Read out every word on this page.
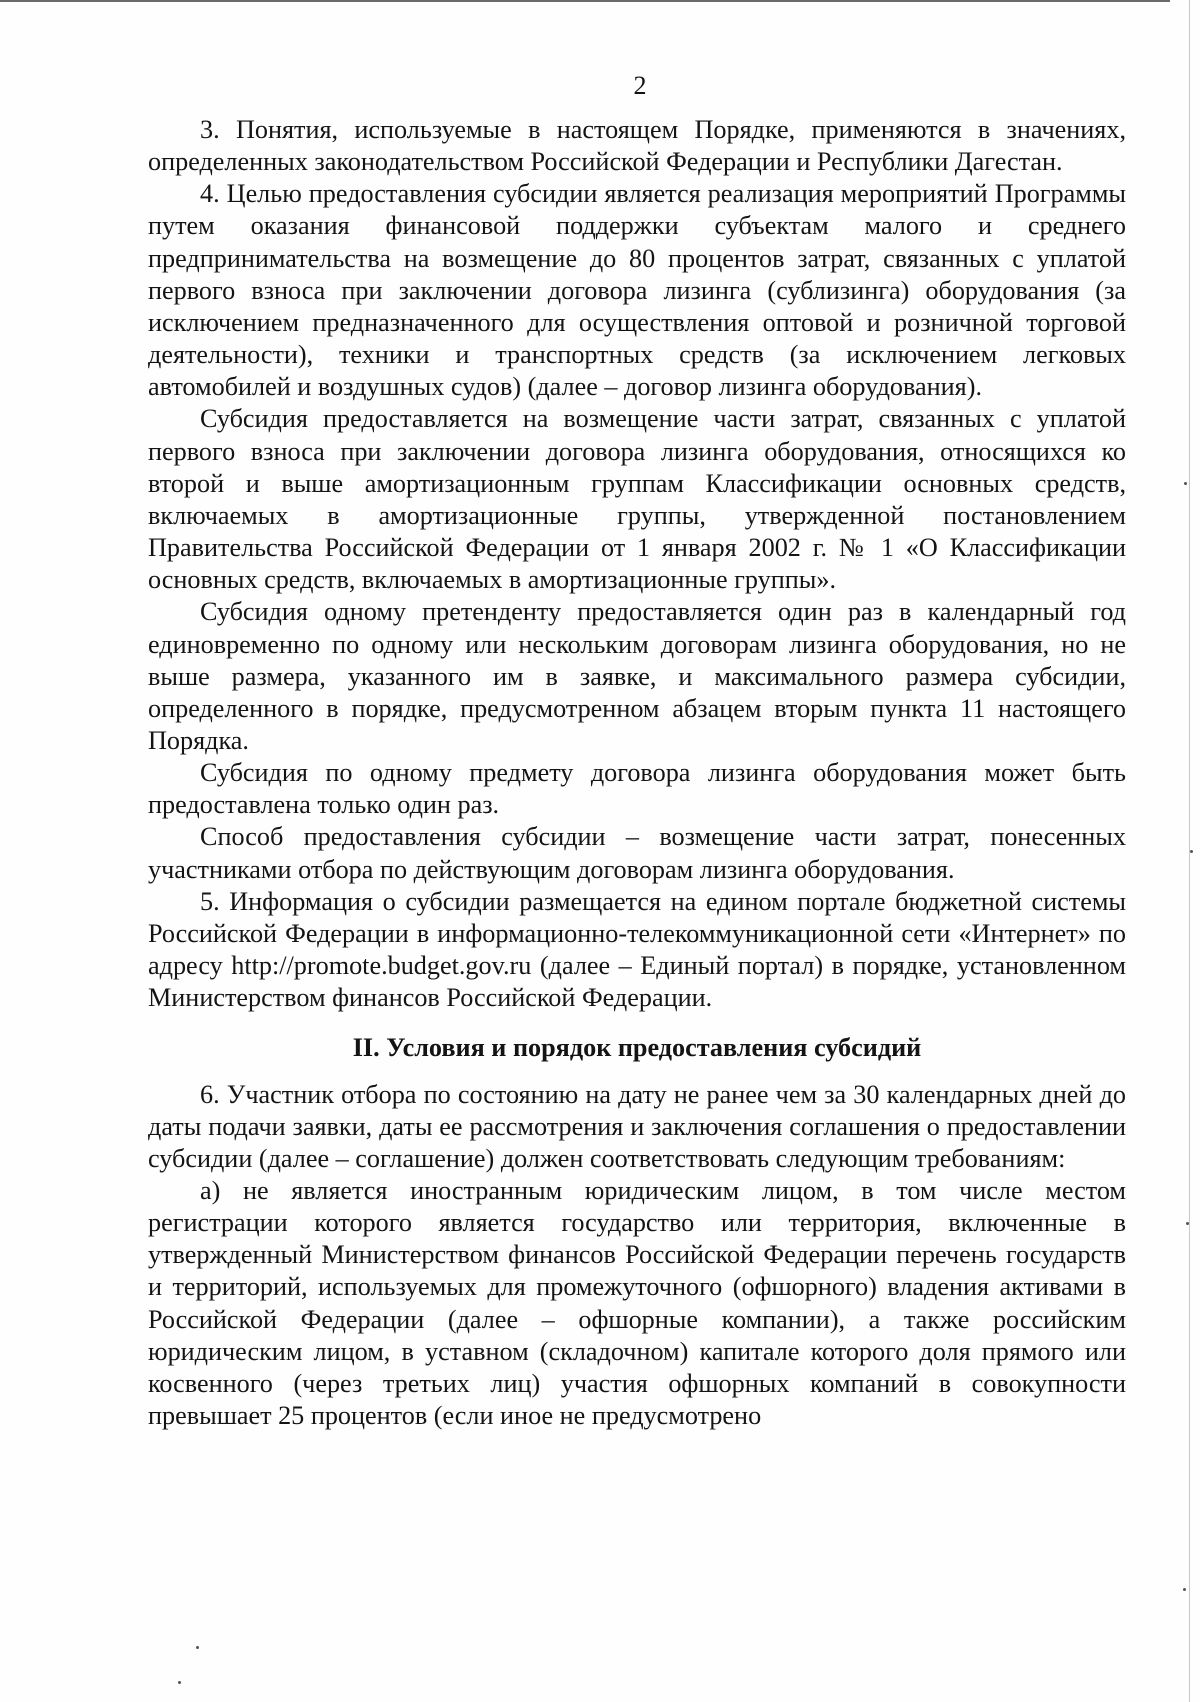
2

3. Понятия, используемые в настоящем Порядке, применяются в значениях, определенных законодательством Российской Федерации и Республики Дагестан.

4. Целью предоставления субсидии является реализация мероприятий Программы путем оказания финансовой поддержки субъектам малого и среднего предпринимательства на возмещение до 80 процентов затрат, связанных с уплатой первого взноса при заключении договора лизинга (сублизинга) оборудования (за исключением предназначенного для осуществления оптовой и розничной торговой деятельности), техники и транспортных средств (за исключением легковых автомобилей и воздушных судов) (далее – договор лизинга оборудования).

Субсидия предоставляется на возмещение части затрат, связанных с уплатой первого взноса при заключении договора лизинга оборудования, относящихся ко второй и выше амортизационным группам Классификации основных средств, включаемых в амортизационные группы, утвержденной постановлением Правительства Российской Федерации от 1 января 2002 г. № 1 «О Классификации основных средств, включаемых в амортизационные группы».

Субсидия одному претенденту предоставляется один раз в календарный год единовременно по одному или нескольким договорам лизинга оборудования, но не выше размера, указанного им в заявке, и максимального размера субсидии, определенного в порядке, предусмотренном абзацем вторым пункта 11 настоящего Порядка.

Субсидия по одному предмету договора лизинга оборудования может быть предоставлена только один раз.

Способ предоставления субсидии – возмещение части затрат, понесенных участниками отбора по действующим договорам лизинга оборудования.

5. Информация о субсидии размещается на едином портале бюджетной системы Российской Федерации в информационно-телекоммуникационной сети «Интернет» по адресу http://promote.budget.gov.ru (далее – Единый портал) в порядке, установленном Министерством финансов Российской Федерации.

II. Условия и порядок предоставления субсидий

6. Участник отбора по состоянию на дату не ранее чем за 30 календарных дней до даты подачи заявки, даты ее рассмотрения и заключения соглашения о предоставлении субсидии (далее – соглашение) должен соответствовать следующим требованиям:

а) не является иностранным юридическим лицом, в том числе местом регистрации которого является государство или территория, включенные в утвержденный Министерством финансов Российской Федерации перечень государств и территорий, используемых для промежуточного (офшорного) владения активами в Российской Федерации (далее – офшорные компании), а также российским юридическим лицом, в уставном (складочном) капитале которого доля прямого или косвенного (через третьих лиц) участия офшорных компаний в совокупности превышает 25 процентов (если иное не предусмотрено
